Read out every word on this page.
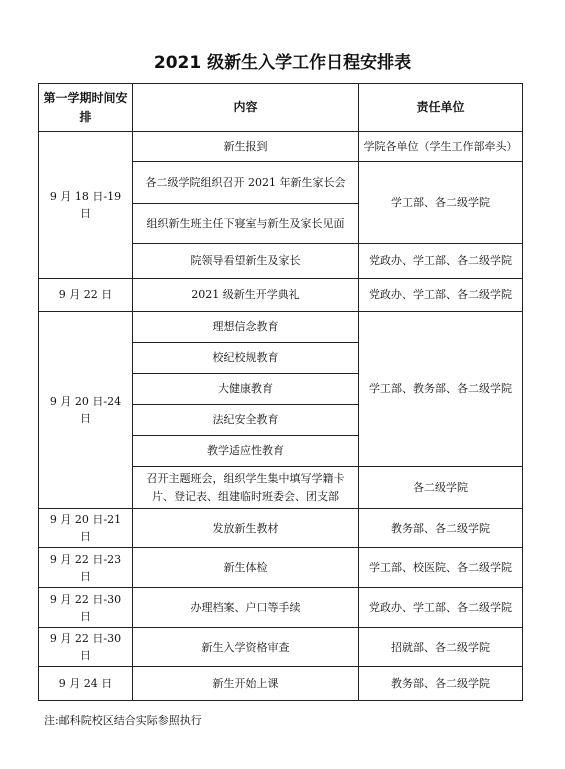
2021 级新生入学工作日程安排表
第一学期时间安排	内容	责任单位
9 月 18 日-19 日	新生报到	学院各单位（学生工作部牵头）
	各二级学院组织召开 2021 年新生家长会	学工部、各二级学院
	组织新生班主任下寝室与新生及家长见面	
	院领导看望新生及家长	党政办、学工部、各二级学院
9 月 22 日	2021 级新生开学典礼	党政办、学工部、各二级学院
9 月 20 日-24 日	理想信念教育	学工部、教务部、各二级学院
	校纪校规教育	
	大健康教育	
	法纪安全教育	
	教学适应性教育	
	召开主题班会，组织学生集中填写学籍卡片、登记表、组建临时班委会、团支部	各二级学院
9 月 20 日-21 日	发放新生教材	教务部、各二级学院
9 月 22 日-23 日	新生体检	学工部、校医院、各二级学院
9 月 22 日-30 日	办理档案、户口等手续	党政办、学工部、各二级学院
9 月 22 日-30 日	新生入学资格审查	招就部、各二级学院
9 月 24 日	新生开始上课	教务部、各二级学院
注:邮科院校区结合实际参照执行
